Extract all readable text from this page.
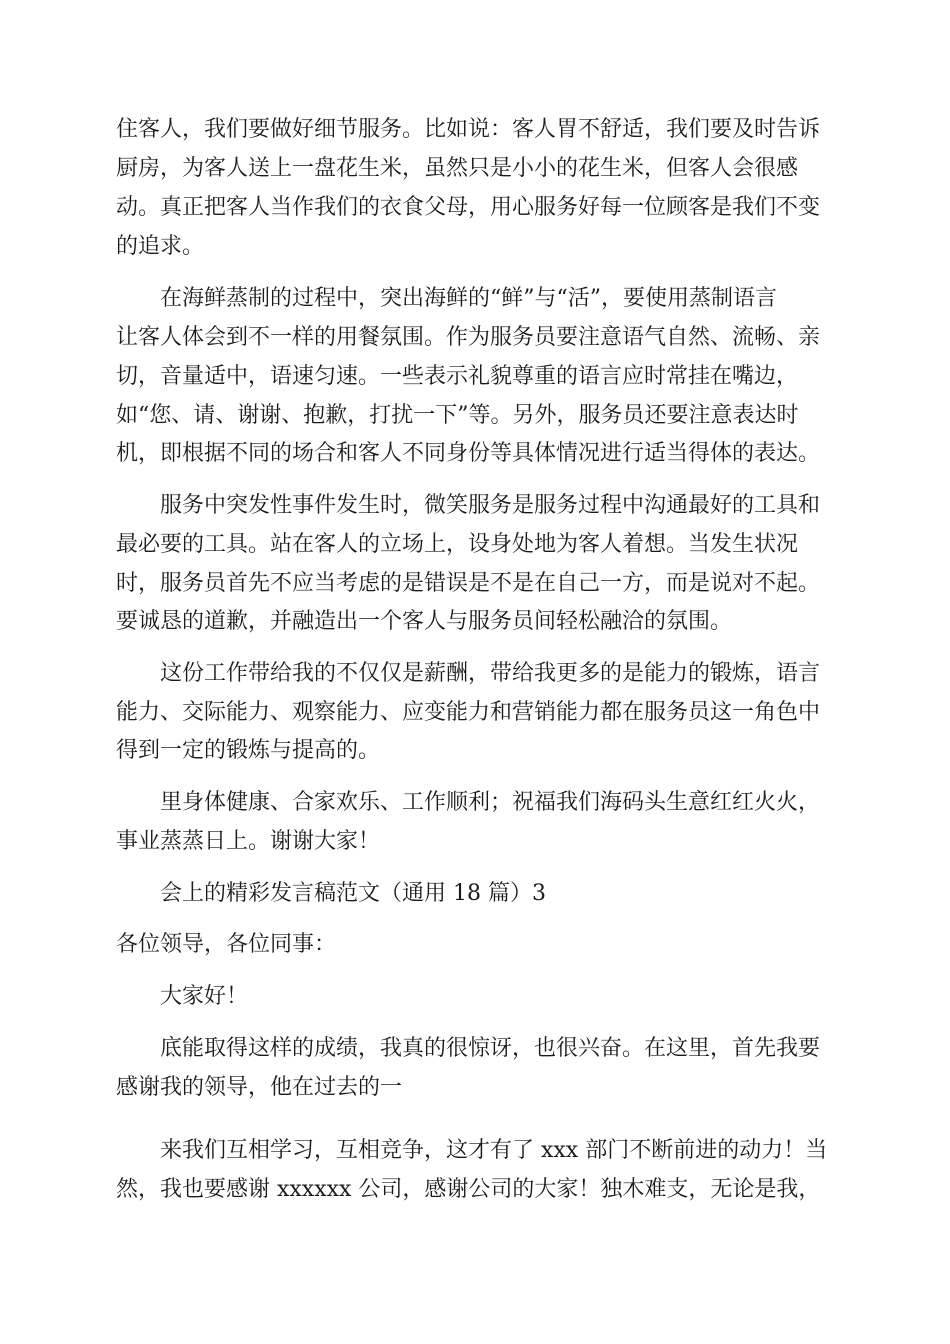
住客人，我们要做好细节服务。比如说：客人胃不舒适，我们要及时告诉
厨房，为客人送上一盘花生米，虽然只是小小的花生米，但客人会很感
动。真正把客人当作我们的衣食父母，用心服务好每一位顾客是我们不变
的追求。
在海鲜蒸制的过程中，突出海鲜的“鲜”与“活”，要使用蒸制语言
让客人体会到不一样的用餐氛围。作为服务员要注意语气自然、流畅、亲
切，音量适中，语速匀速。一些表示礼貌尊重的语言应时常挂在嘴边，
如“您、请、谢谢、抱歉，打扰一下”等。另外，服务员还要注意表达时
机，即根据不同的场合和客人不同身份等具体情况进行适当得体的表达。
服务中突发性事件发生时，微笑服务是服务过程中沟通最好的工具和
最必要的工具。站在客人的立场上，设身处地为客人着想。当发生状况
时，服务员首先不应当考虑的是错误是不是在自己一方，而是说对不起。
要诚恳的道歉，并融造出一个客人与服务员间轻松融洽的氛围。
这份工作带给我的不仅仅是薪酬，带给我更多的是能力的锻炼，语言
能力、交际能力、观察能力、应变能力和营销能力都在服务员这一角色中
得到一定的锻炼与提高的。
里身体健康、合家欢乐、工作顺利；祝福我们海码头生意红红火火，
事业蒸蒸日上。谢谢大家！
会上的精彩发言稿范文（通用 18 篇）3
各位领导，各位同事：
大家好！
底能取得这样的成绩，我真的很惊讶，也很兴奋。在这里，首先我要
感谢我的领导，他在过去的一
来我们互相学习，互相竞争，这才有了 xxx 部门不断前进的动力！当
然，我也要感谢 xxxxxx 公司，感谢公司的大家！独木难支，无论是我，
